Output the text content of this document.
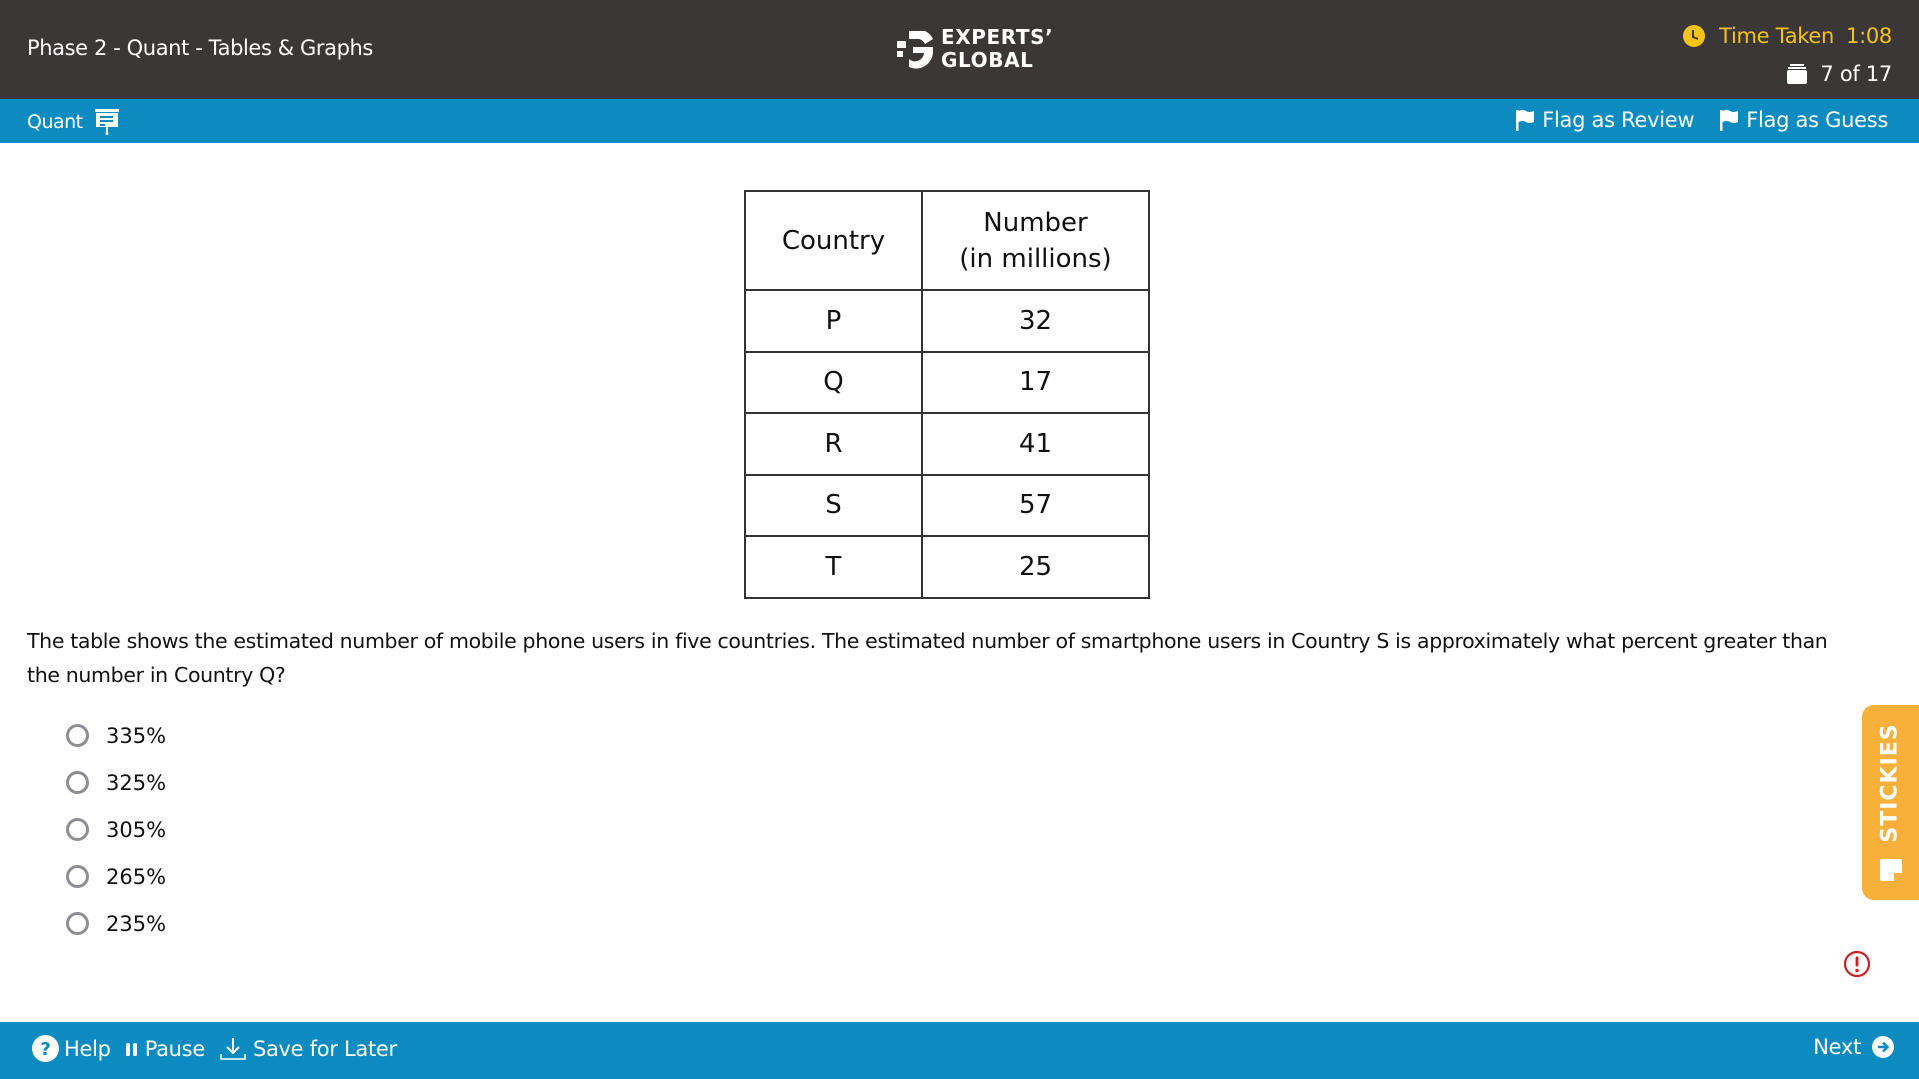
Phase 2 - Quant - Tables & Graphs	EXPERTS’
GLOBAL
Time Taken 1:08
7 of 17
Quant	Flag as Review Flag as Guess
Country	Number
(in millions)

P	32
Q	17
R	41
S	57
T	25
The table shows the estimated number of mobile phone users in five countries. The estimated number of smartphone users in Country S is approximately what percent greater than the number in Country Q?
335%
325%
305%
265%
235%
STICKIES
? Help Pause Save for Later	Next
